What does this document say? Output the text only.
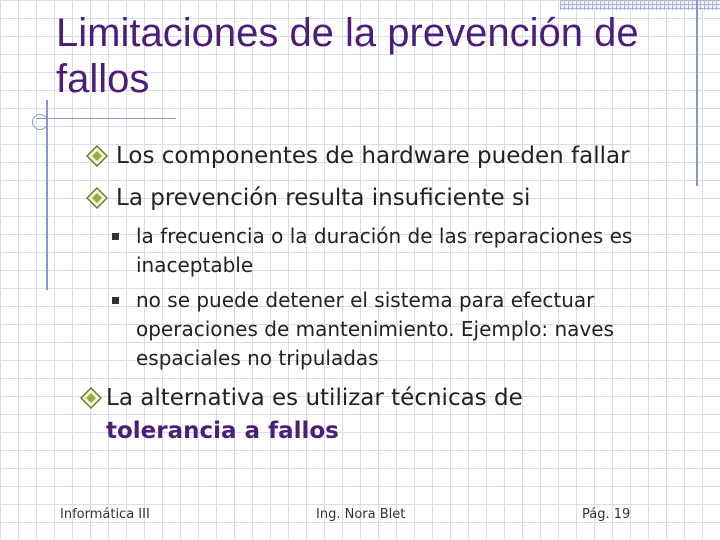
Limitaciones de la prevención de fallos
Los componentes de hardware pueden fallar
La prevención resulta insuficiente si
la frecuencia o la duración de las reparaciones es inaceptable
no se puede detener el sistema para efectuar operaciones de mantenimiento. Ejemplo: naves espaciales no tripuladas
La alternativa es utilizar técnicas de
tolerancia a fallos
Informática III	Ing. Nora Blet	Pág. 19
